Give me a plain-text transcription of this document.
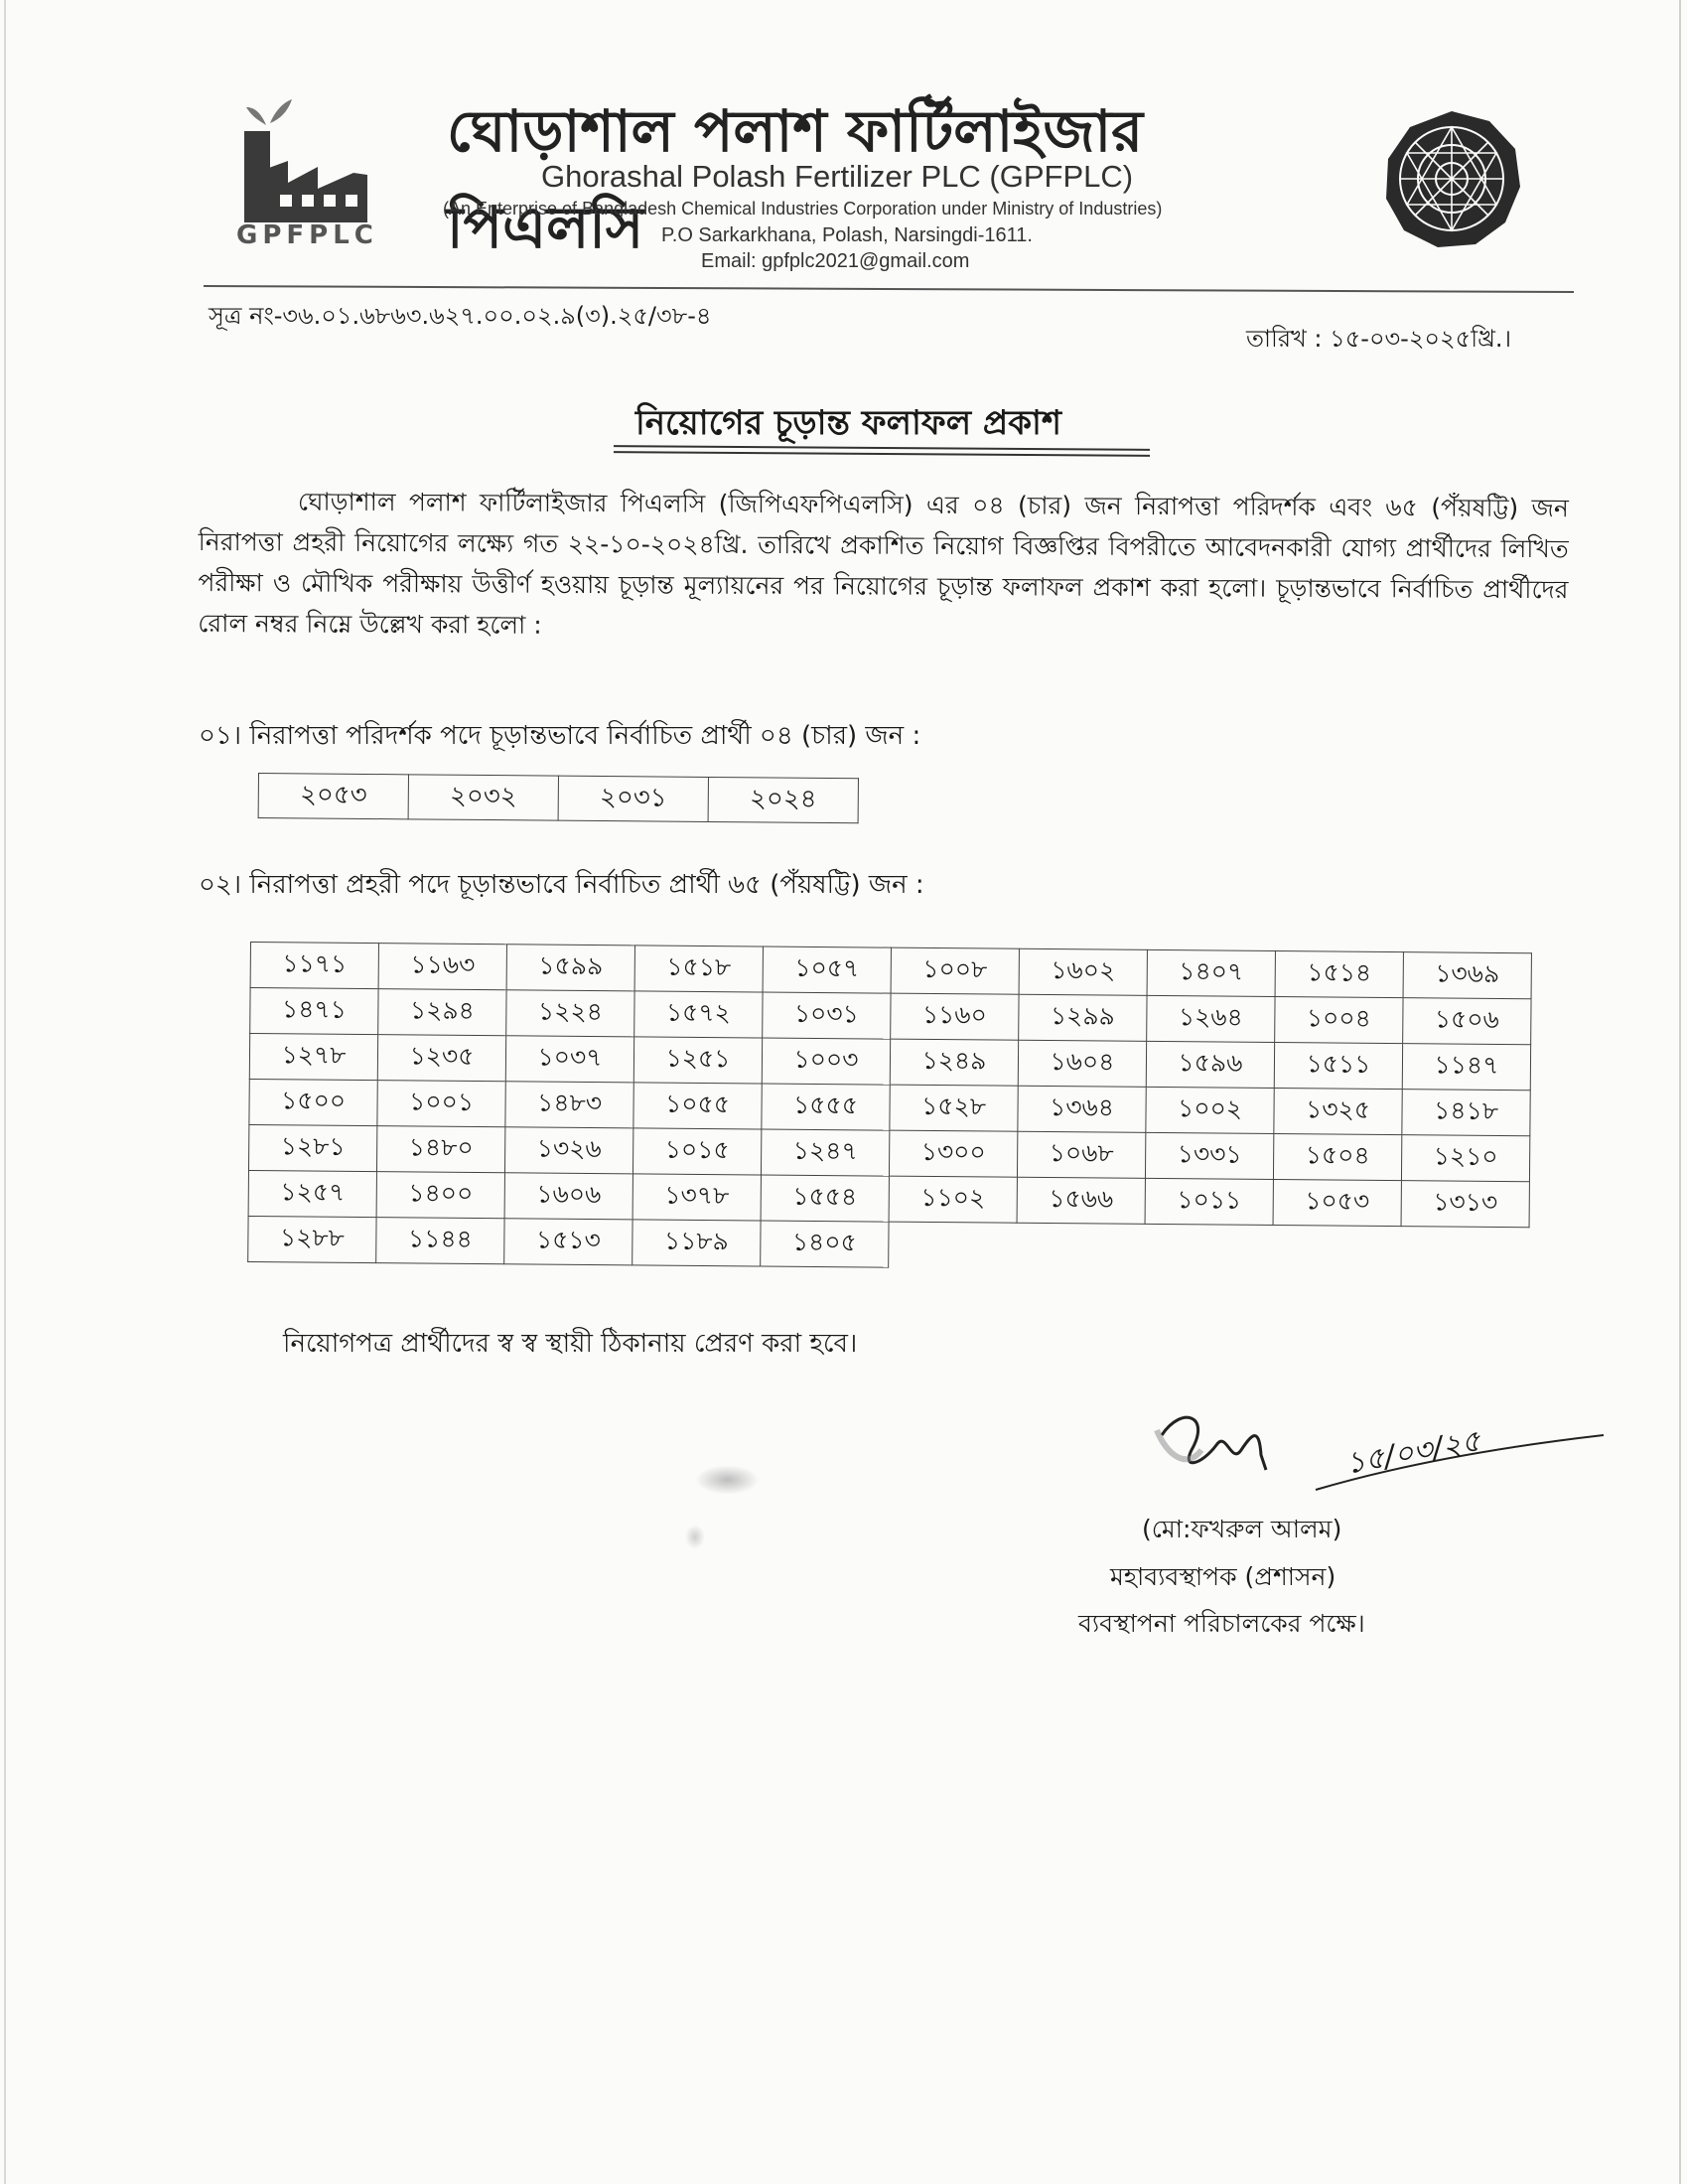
GPFPLC
ঘোড়াশাল পলাশ ফার্টিলাইজার পিএলসি
Ghorashal Polash Fertilizer PLC (GPFPLC)
(An Enterprise of Bangladesh Chemical Industries Corporation under Ministry of Industries)
P.O Sarkarkhana, Polash, Narsingdi-1611.
Email: gpfplc2021@gmail.com
সূত্র নং-৩৬.০১.৬৮৬৩.৬২৭.০০.০২.৯(৩).২৫/৩৮-৪
তারিখ : ১৫-০৩-২০২৫খ্রি.।
নিয়োগের চূড়ান্ত ফলাফল প্রকাশ
ঘোড়াশাল পলাশ ফার্টিলাইজার পিএলসি (জিপিএফপিএলসি) এর ০৪ (চার) জন নিরাপত্তা পরিদর্শক এবং ৬৫ (পঁয়ষট্টি) জন নিরাপত্তা প্রহরী নিয়োগের লক্ষ্যে গত ২২-১০-২০২৪খ্রি. তারিখে প্রকাশিত নিয়োগ বিজ্ঞপ্তির বিপরীতে আবেদনকারী যোগ্য প্রার্থীদের লিখিত পরীক্ষা ও মৌখিক পরীক্ষায় উত্তীর্ণ হওয়ায় চূড়ান্ত মূল্যায়নের পর নিয়োগের চূড়ান্ত ফলাফল প্রকাশ করা হলো। চূড়ান্তভাবে নির্বাচিত প্রার্থীদের রোল নম্বর নিম্নে উল্লেখ করা হলো :
০১। নিরাপত্তা পরিদর্শক পদে চূড়ান্তভাবে নির্বাচিত প্রার্থী ০৪ (চার) জন :
২০৫৩	২০৩২	২০৩১	২০২৪
০২। নিরাপত্তা প্রহরী পদে চূড়ান্তভাবে নির্বাচিত প্রার্থী ৬৫ (পঁয়ষট্টি) জন :
১১৭১	১১৬৩	১৫৯৯	১৫১৮	১০৫৭	১০০৮	১৬০২	১৪০৭	১৫১৪	১৩৬৯
১৪৭১	১২৯৪	১২২৪	১৫৭২	১০৩১	১১৬০	১২৯৯	১২৬৪	১০০৪	১৫০৬
১২৭৮	১২৩৫	১০৩৭	১২৫১	১০০৩	১২৪৯	১৬০৪	১৫৯৬	১৫১১	১১৪৭
১৫০০	১০০১	১৪৮৩	১০৫৫	১৫৫৫	১৫২৮	১৩৬৪	১০০২	১৩২৫	১৪১৮
১২৮১	১৪৮০	১৩২৬	১০১৫	১২৪৭	১৩০০	১০৬৮	১৩৩১	১৫০৪	১২১০
১২৫৭	১৪০০	১৬০৬	১৩৭৮	১৫৫৪	১১০২	১৫৬৬	১০১১	১০৫৩	১৩১৩
১২৮৮	১১৪৪	১৫১৩	১১৮৯	১৪০৫					
নিয়োগপত্র প্রার্থীদের স্ব স্ব স্থায়ী ঠিকানায় প্রেরণ করা হবে।
১৫/০৩/২৫
(মো:ফখরুল আলম)
মহাব্যবস্থাপক (প্রশাসন)
ব্যবস্থাপনা পরিচালকের পক্ষে।
